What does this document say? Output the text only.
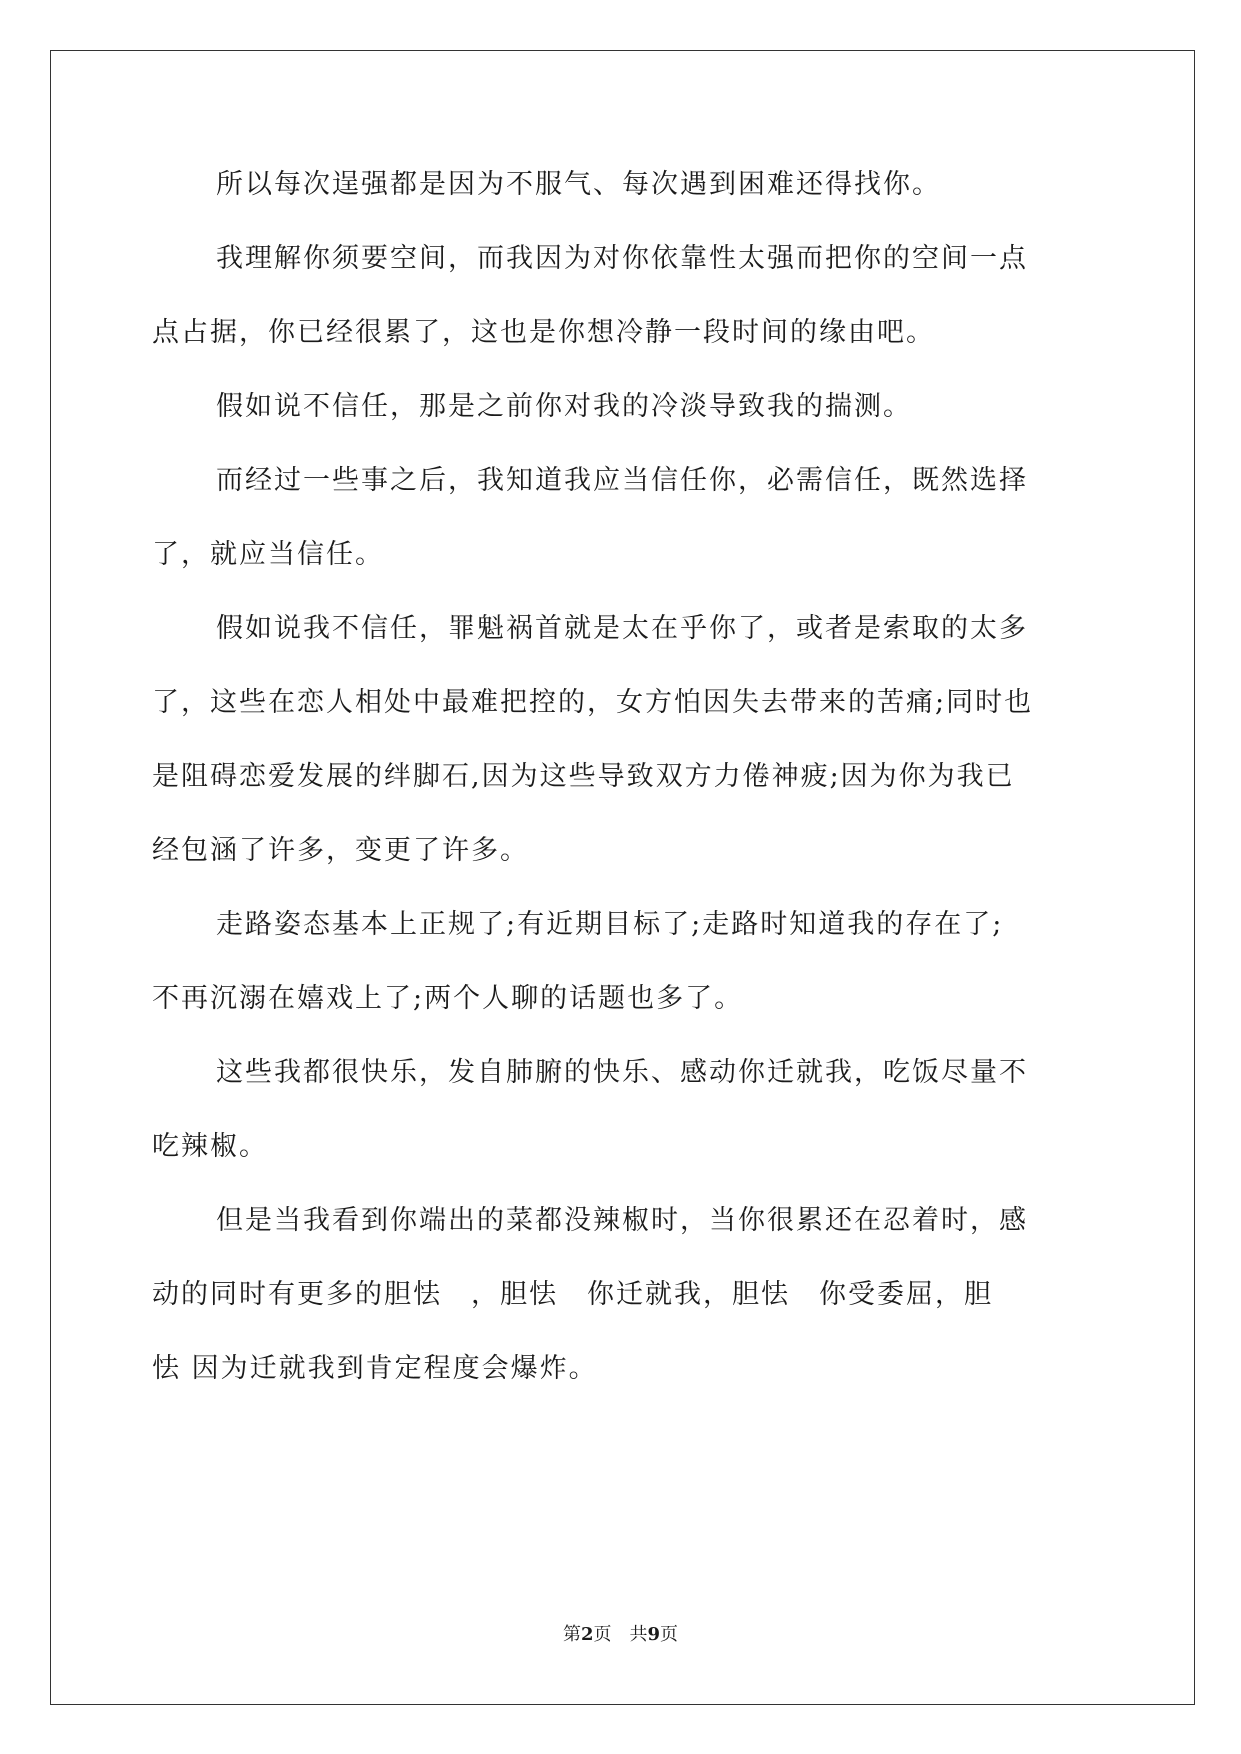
所以每次逞强都是因为不服气、每次遇到困难还得找你。
我理解你须要空间，而我因为对你依靠性太强而把你的空间一点
点占据，你已经很累了，这也是你想冷静一段时间的缘由吧。
假如说不信任，那是之前你对我的冷淡导致我的揣测。
而经过一些事之后，我知道我应当信任你，必需信任，既然选择
了，就应当信任。
假如说我不信任，罪魁祸首就是太在乎你了，或者是索取的太多
了，这些在恋人相处中最难把控的，女方怕因失去带来的苦痛;同时也
是阻碍恋爱发展的绊脚石,因为这些导致双方力倦神疲;因为你为我已
经包涵了许多，变更了许多。
走路姿态基本上正规了;有近期目标了;走路时知道我的存在了;
不再沉溺在嬉戏上了;两个人聊的话题也多了。
这些我都很快乐，发自肺腑的快乐、感动你迁就我，吃饭尽量不
吃辣椒。
但是当我看到你端出的菜都没辣椒时，当你很累还在忍着时，感
动的同时有更多的胆怯　，胆怯　你迁就我，胆怯　你受委屈，胆
怯 因为迁就我到肯定程度会爆炸。
第2页 共9页
